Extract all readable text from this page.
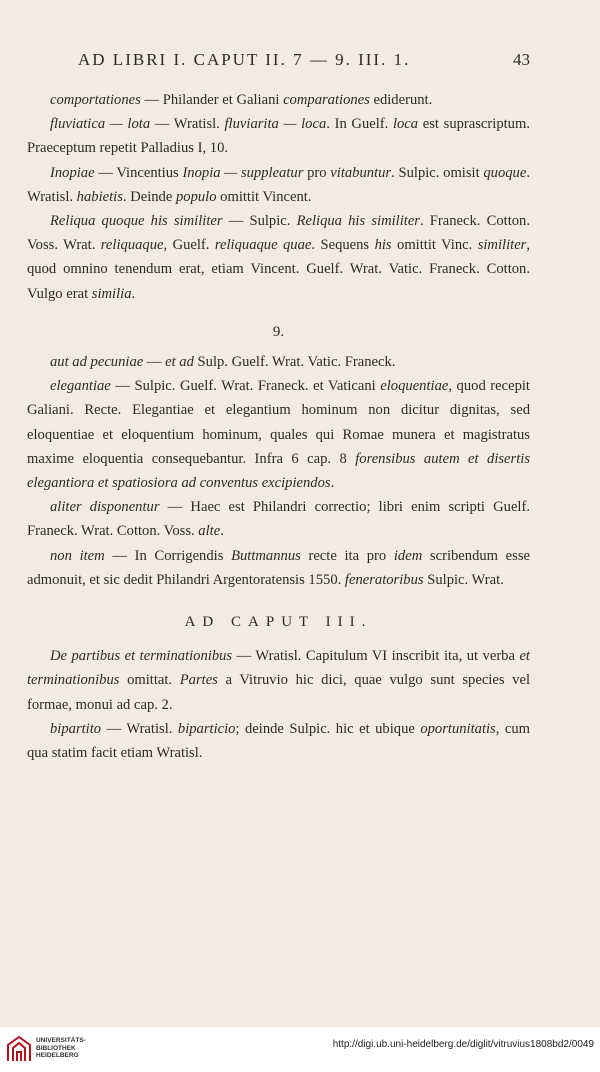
AD LIBRI I. CAPUT II. 7 — 9. III. 1.	43

comportationes — Philander et Galiani comparationes ediderunt.

fluviatica — lota — Wratisl. fluviarita — loca. In Guelf. loca est suprascriptum. Praeceptum repetit Palladius I, 10.

Inopiae — Vincentius Inopia — suppleatur pro vitabuntur. Sulpic. omisit quoque. Wratisl. habietis. Deinde populo omittit Vincent.

Reliqua quoque his similiter — Sulpic. Reliqua his similiter. Franeck. Cotton. Voss. Wrat. reliquaque, Guelf. reliquaque quae. Sequens his omittit Vinc. similiter, quod omnino tenendum erat, etiam Vincent. Guelf. Wrat. Vatic. Franeck. Cotton. Vulgo erat similia.

9.

aut ad pecuniae — et ad Sulp. Guelf. Wrat. Vatic. Franeck.

elegantiae — Sulpic. Guelf. Wrat. Franeck. et Vaticani eloquentiae, quod recepit Galiani. Recte. Elegantiae et elegantium hominum non dicitur dignitas, sed eloquentiae et eloquentium hominum, quales qui Romae munera et magistratus maxime eloquentia consequebantur. Infra 6 cap. 8 forensibus autem et disertis elegantiora et spatiosiora ad conventus excipiendos.

aliter disponentur — Haec est Philandri correctio; libri enim scripti Guelf. Franeck. Wrat. Cotton. Voss. alte.

non item — In Corrigendis Buttmannus recte ita pro idem scribendum esse admonuit, et sic dedit Philandri Argentoratensis 1550. feneratoribus Sulpic. Wrat.

AD CAPUT III.

De partibus et terminationibus — Wratisl. Capitulum VI inscribit ita, ut verba et terminationibus omittat. Partes a Vitruvio hic dici, quae vulgo sunt species vel formae, monui ad cap. 2.

bipartito — Wratisl. biparticio; deinde Sulpic. hic et ubique oportunitatis, cum qua statim facit etiam Wratisl.

UNIVERSITÄTS-
BIBLIOTHEK
HEIDELBERG
http://digi.ub.uni-heidelberg.de/diglit/vitruvius1808bd2/0049
